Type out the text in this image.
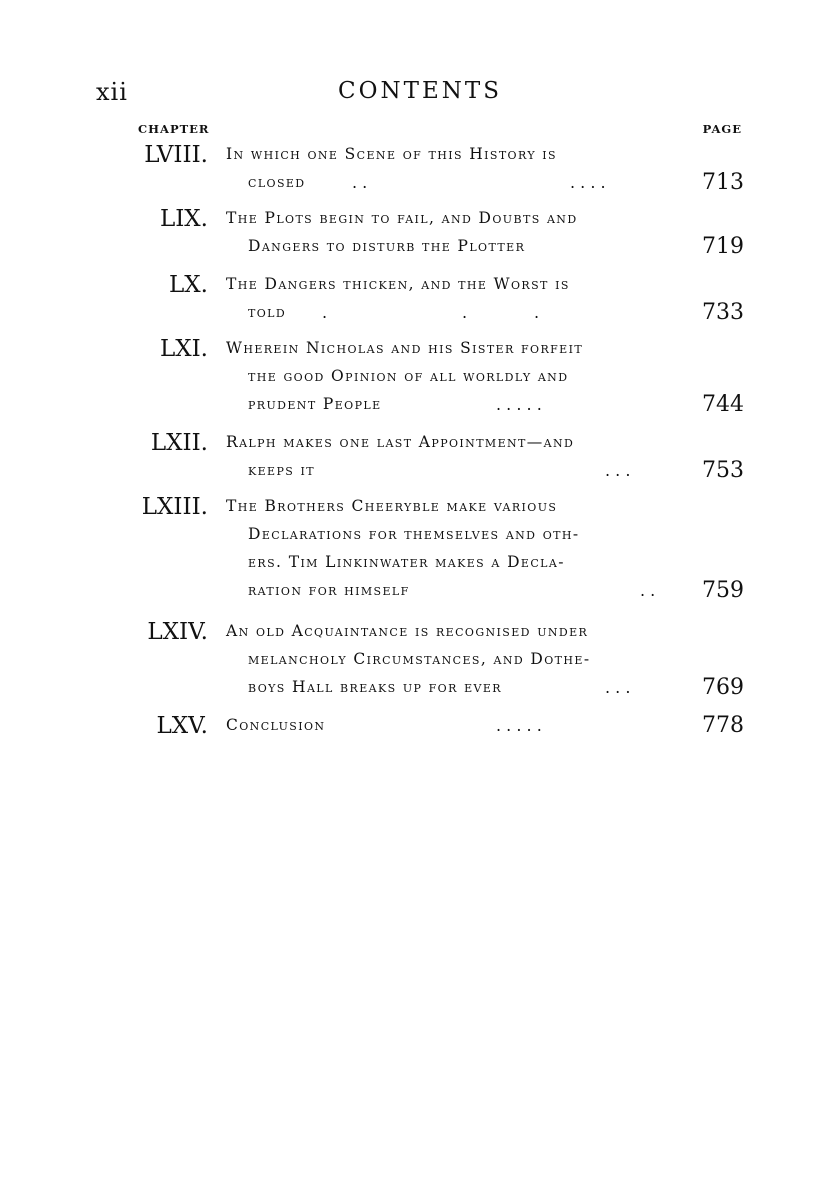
xii	CONTENTS
CHAPTER	PAGE
LVIII. In which one Scene of this History is
closed	. .	. . . .	713
LIX. The Plots begin to fail, and Doubts and
Dangers to disturb the Plotter	719
LX. The Dangers thicken, and the Worst is
told .	.	.	733
LXI. Wherein Nicholas and his Sister forfeit
the good Opinion of all worldly and
prudent People	. . . . .	744
LXII. Ralph makes one last Appointment—and
keeps it	. . .	753
LXIII. The Brothers Cheeryble make various
Declarations for themselves and oth-
ers. Tim Linkinwater makes a Decla-
ration for himself	. . 759
LXIV. An old Acquaintance is recognised under
melancholy Circumstances, and Dothe-
boys Hall breaks up for ever	. . .	769
LXV. Conclusion	. . . . .	778
